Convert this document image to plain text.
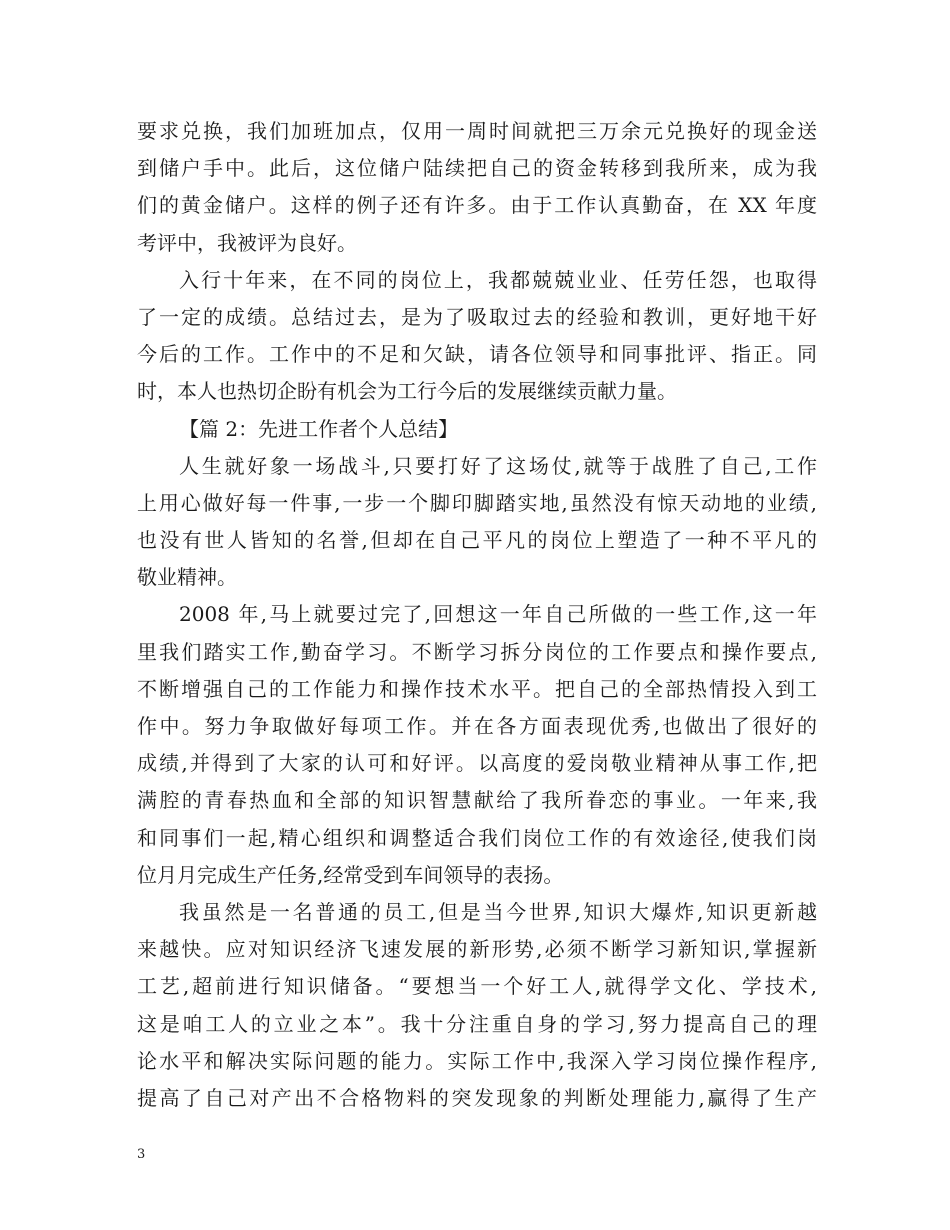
要求兑换，我们加班加点，仅用一周时间就把三万余元兑换好的现金送
到储户手中。此后，这位储户陆续把自己的资金转移到我所来，成为我
们的黄金储户。这样的例子还有许多。由于工作认真勤奋，在 XX 年度
考评中，我被评为良好。
入行十年来，在不同的岗位上，我都兢兢业业、任劳任怨，也取得
了一定的成绩。总结过去，是为了吸取过去的经验和教训，更好地干好
今后的工作。工作中的不足和欠缺，请各位领导和同事批评、指正。同
时，本人也热切企盼有机会为工行今后的发展继续贡献力量。
【篇 2：先进工作者个人总结】
人生就好象一场战斗,只要打好了这场仗,就等于战胜了自己,工作
上用心做好每一件事,一步一个脚印脚踏实地,虽然没有惊天动地的业绩,
也没有世人皆知的名誉,但却在自己平凡的岗位上塑造了一种不平凡的
敬业精神。
2008 年,马上就要过完了,回想这一年自己所做的一些工作,这一年
里我们踏实工作,勤奋学习。不断学习拆分岗位的工作要点和操作要点,
不断增强自己的工作能力和操作技术水平。把自己的全部热情投入到工
作中。努力争取做好每项工作。并在各方面表现优秀,也做出了很好的
成绩,并得到了大家的认可和好评。以高度的爱岗敬业精神从事工作,把
满腔的青春热血和全部的知识智慧献给了我所眷恋的事业。一年来,我
和同事们一起,精心组织和调整适合我们岗位工作的有效途径,使我们岗
位月月完成生产任务,经常受到车间领导的表扬。
我虽然是一名普通的员工,但是当今世界,知识大爆炸,知识更新越
来越快。应对知识经济飞速发展的新形势,必须不断学习新知识,掌握新
工艺,超前进行知识储备。“要想当一个好工人,就得学文化、学技术,
这是咱工人的立业之本”。我十分注重自身的学习,努力提高自己的理
论水平和解决实际问题的能力。实际工作中,我深入学习岗位操作程序,
提高了自己对产出不合格物料的突发现象的判断处理能力,赢得了生产
3
